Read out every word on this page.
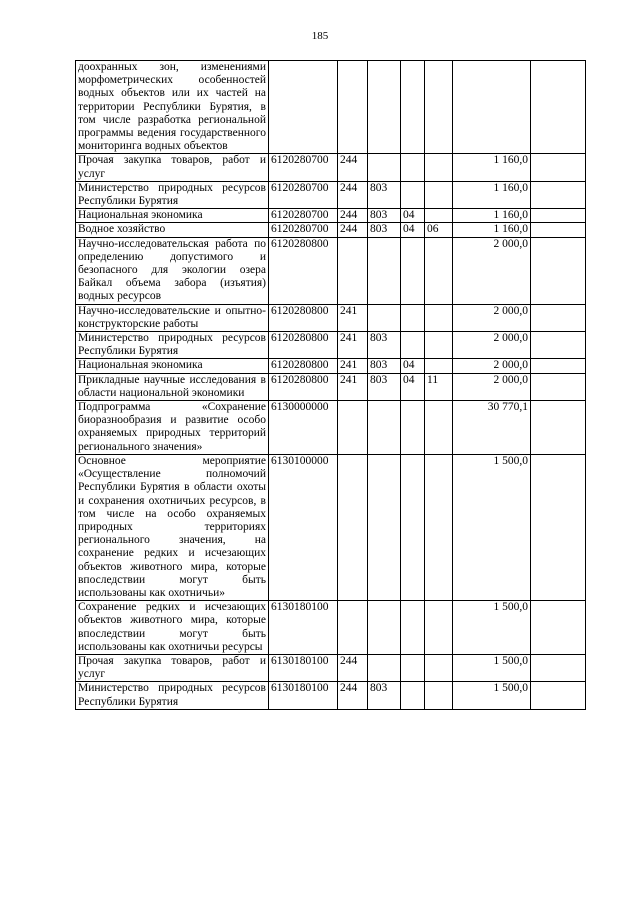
185
доохранных зон, изменениями морфометрических особенностей водных объектов или их частей на территории Республики Бурятия, в том числе разработка региональной программы ведения государственного мониторинга водных объектов							
Прочая закупка товаров, работ и услуг	6120280700	244				1 160,0	
Министерство природных ресурсов Республики Бурятия	6120280700	244	803			1 160,0	
Национальная экономика	6120280700	244	803	04		1 160,0	
Водное хозяйство	6120280700	244	803	04	06	1 160,0	
Научно-исследовательская работа по определению допустимого и безопасного для экологии озера Байкал объема забора (изъятия) водных ресурсов	6120280800					2 000,0	
Научно-исследовательские и опытно-конструкторские работы	6120280800	241				2 000,0	
Министерство природных ресурсов Республики Бурятия	6120280800	241	803			2 000,0	
Национальная экономика	6120280800	241	803	04		2 000,0	
Прикладные научные исследования в области национальной экономики	6120280800	241	803	04	11	2 000,0	
Подпрограмма «Сохранение биоразнообразия и развитие особо охраняемых природных территорий регионального значения»	6130000000					30 770,1	
Основное мероприятие «Осуществление полномочий Республики Бурятия в области охоты и сохранения охотничьих ресурсов, в том числе на особо охраняемых природных территориях регионального значения, на сохранение редких и исчезающих объектов животного мира, которые впоследствии могут быть использованы как охотничьи»	6130100000					1 500,0	
Сохранение редких и исчезающих объектов животного мира, которые впоследствии могут быть использованы как охотничьи ресурсы	6130180100					1 500,0	
Прочая закупка товаров, работ и услуг	6130180100	244				1 500,0	
Министерство природных ресурсов Республики Бурятия	6130180100	244	803			1 500,0	
